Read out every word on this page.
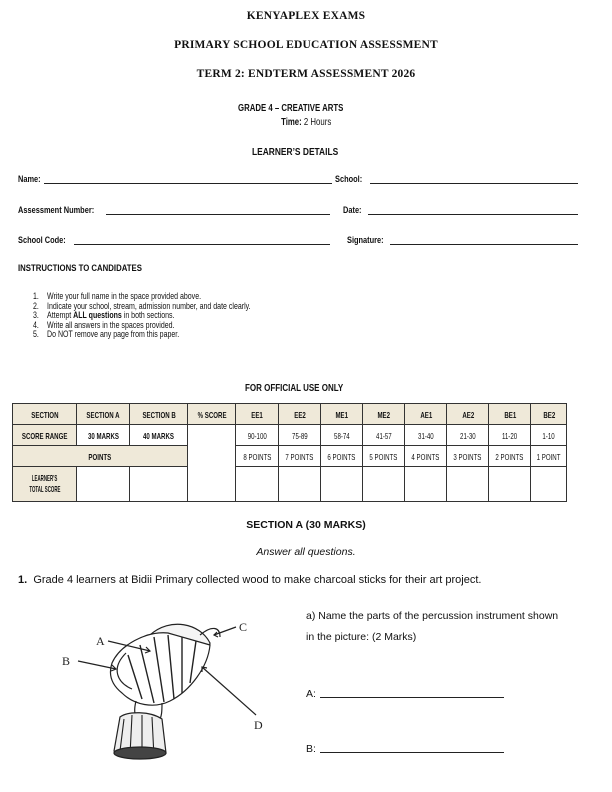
KENYAPLEX EXAMS
PRIMARY SCHOOL EDUCATION ASSESSMENT
TERM 2: ENDTERM ASSESSMENT 2026
GRADE 4 – CREATIVE ARTS
Time: 2 Hours
LEARNER’S DETAILS
Name:	School:
Assessment Number:	Date:
School Code:	Signature:
INSTRUCTIONS TO CANDIDATES
1. Write your full name in the space provided above.
2. Indicate your school, stream, admission number, and date clearly.
3. Attempt ALL questions in both sections.
4. Write all answers in the spaces provided.
5. Do NOT remove any page from this paper.
FOR OFFICIAL USE ONLY
SECTION	SECTION A	SECTION B	% SCORE	EE1	EE2	ME1	ME2	AE1	AE2	BE1	BE2
SCORE RANGE	30 MARKS	40 MARKS		90-100	75-89	58-74	41-57	31-40	21-30	11-20	1-10
POINTS				8 POINTS	7 POINTS	6 POINTS	5 POINTS	4 POINTS	3 POINTS	2 POINTS	1 POINT

LEARNER’S
TOTAL SCORE											

SECTION A (30 MARKS)
Answer all questions.
1. Grade 4 learners at Bidii Primary collected wood to make charcoal sticks for their art project.
a) Name the parts of the percussion instrument shown
in the picture: (2 Marks)
A:
B:
A
B
C
D
